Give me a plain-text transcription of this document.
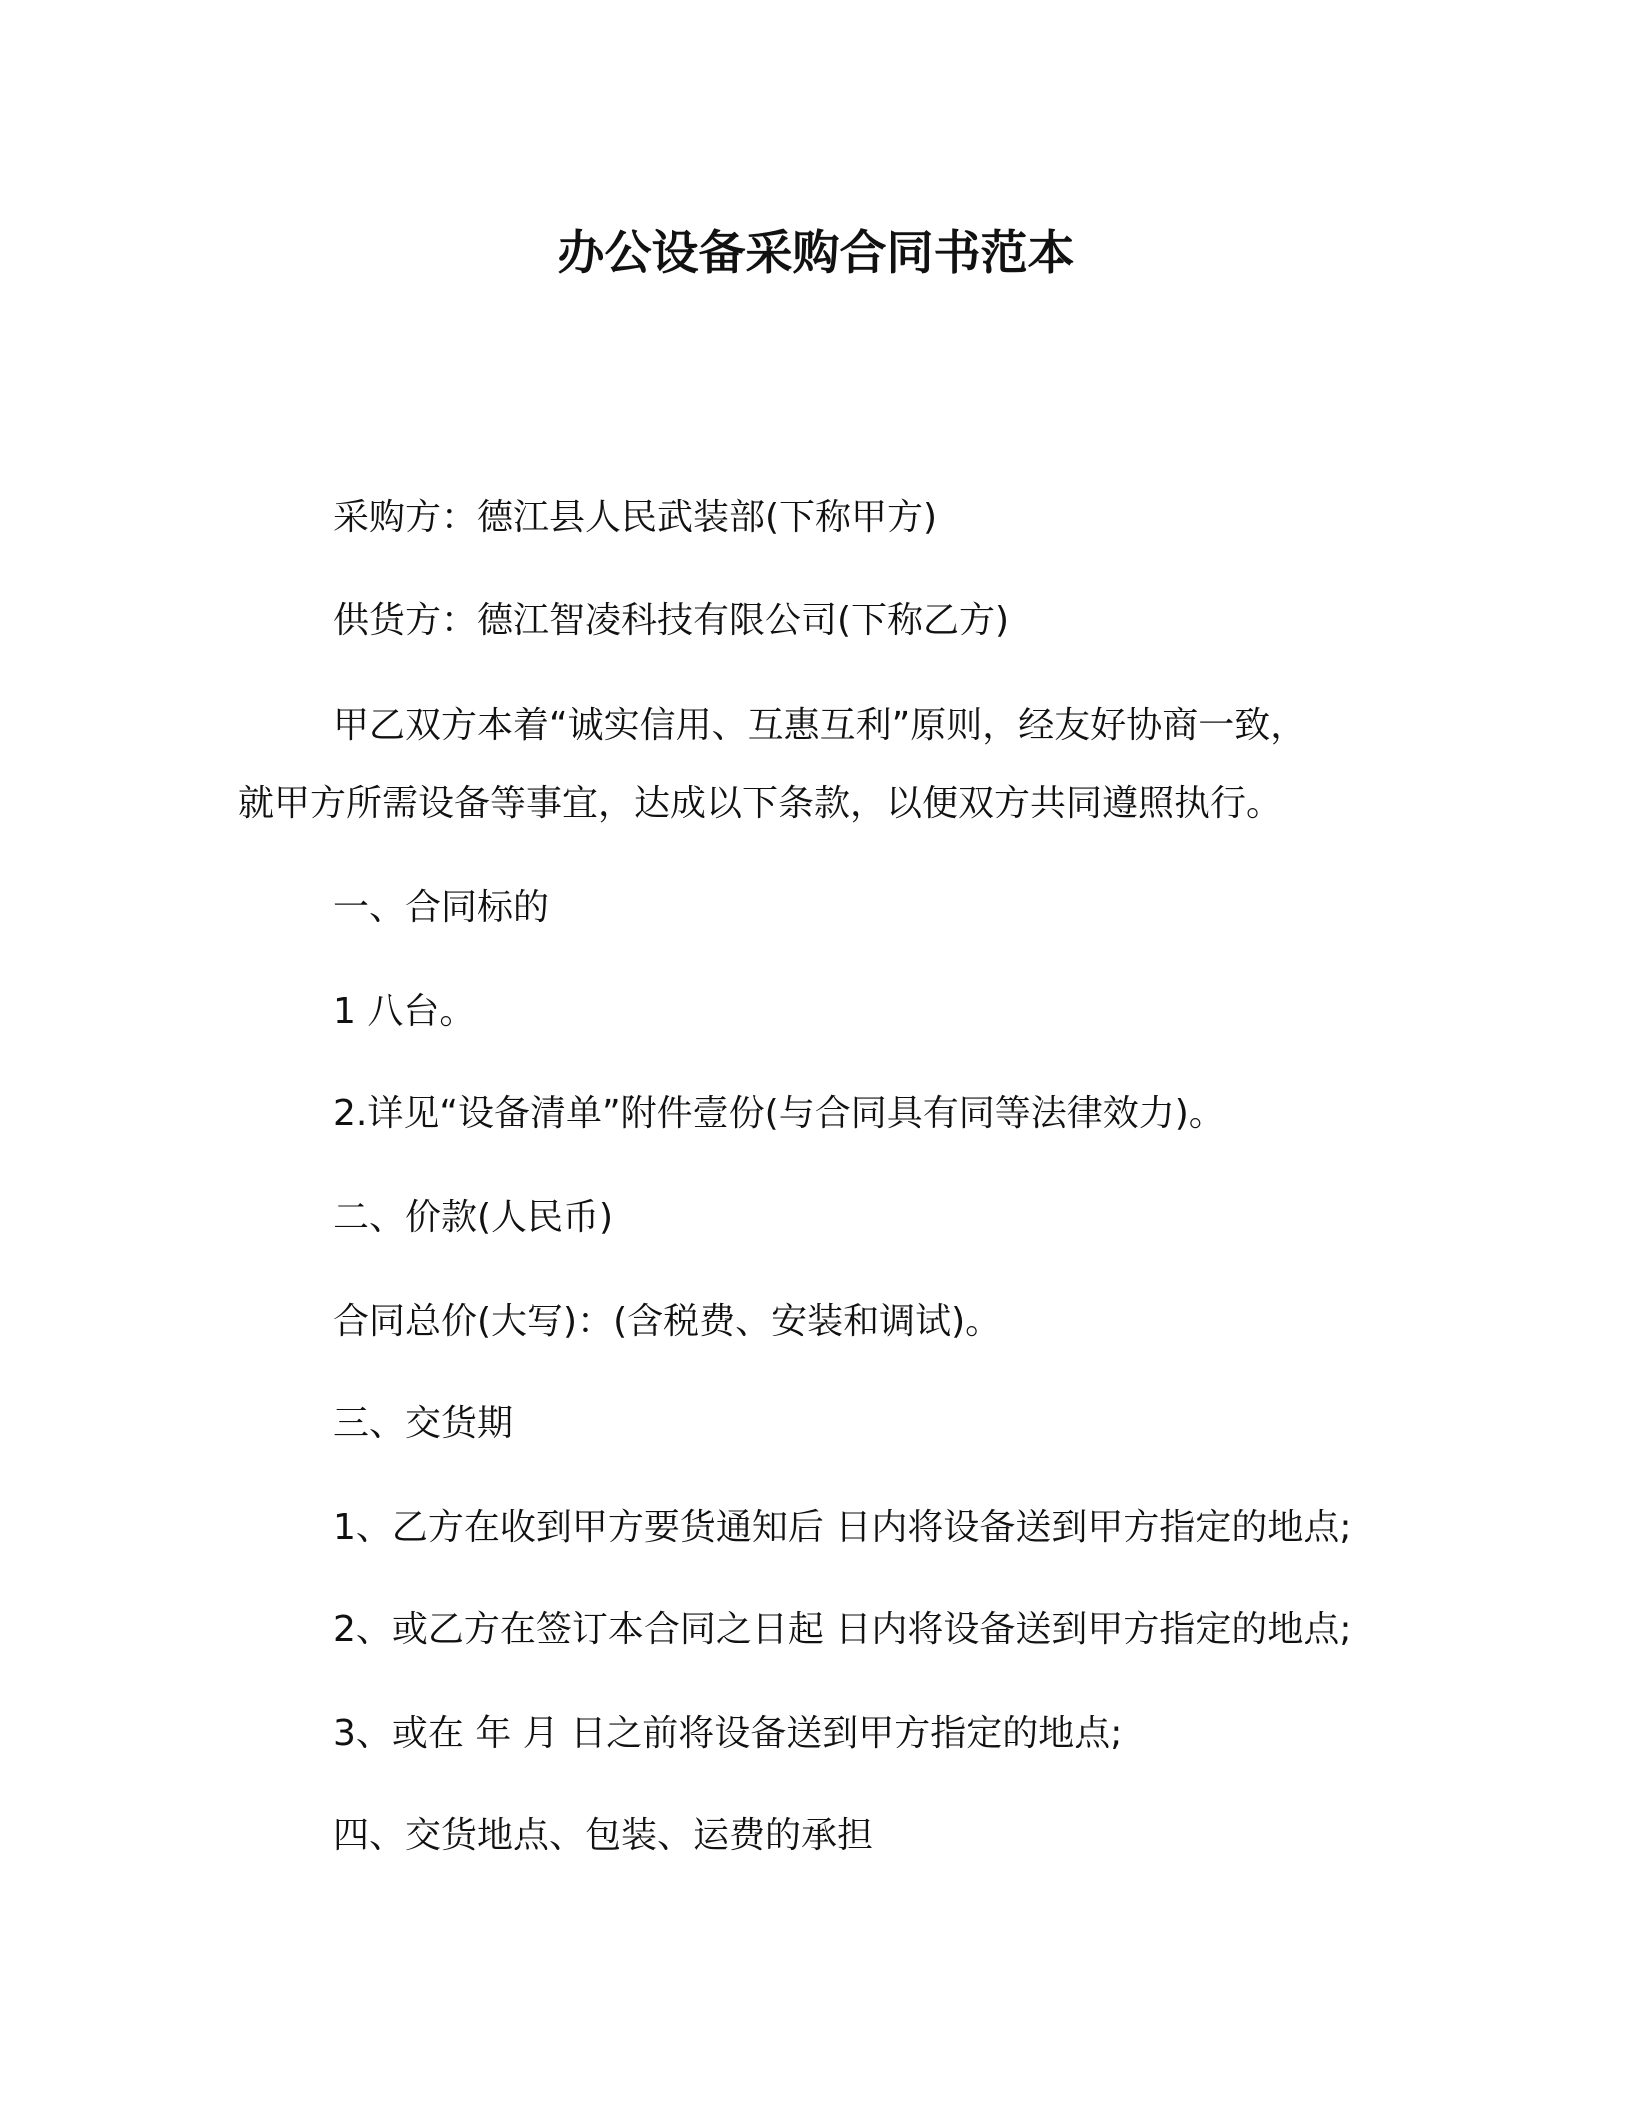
办公设备采购合同书范本
采购方：德江县人民武装部(下称甲方)
供货方：德江智凌科技有限公司(下称乙方)
甲乙双方本着“诚实信用、互惠互利”原则，经友好协商一致，
就甲方所需设备等事宜，达成以下条款，以便双方共同遵照执行。
一、合同标的
1 八台。
2.详见“设备清单”附件壹份(与合同具有同等法律效力)。
二、价款(人民币)
合同总价(大写)：(含税费、安装和调试)。
三、交货期
1、乙方在收到甲方要货通知后 日内将设备送到甲方指定的地点;
2、或乙方在签订本合同之日起 日内将设备送到甲方指定的地点;
3、或在 年 月 日之前将设备送到甲方指定的地点;
四、交货地点、包装、运费的承担
